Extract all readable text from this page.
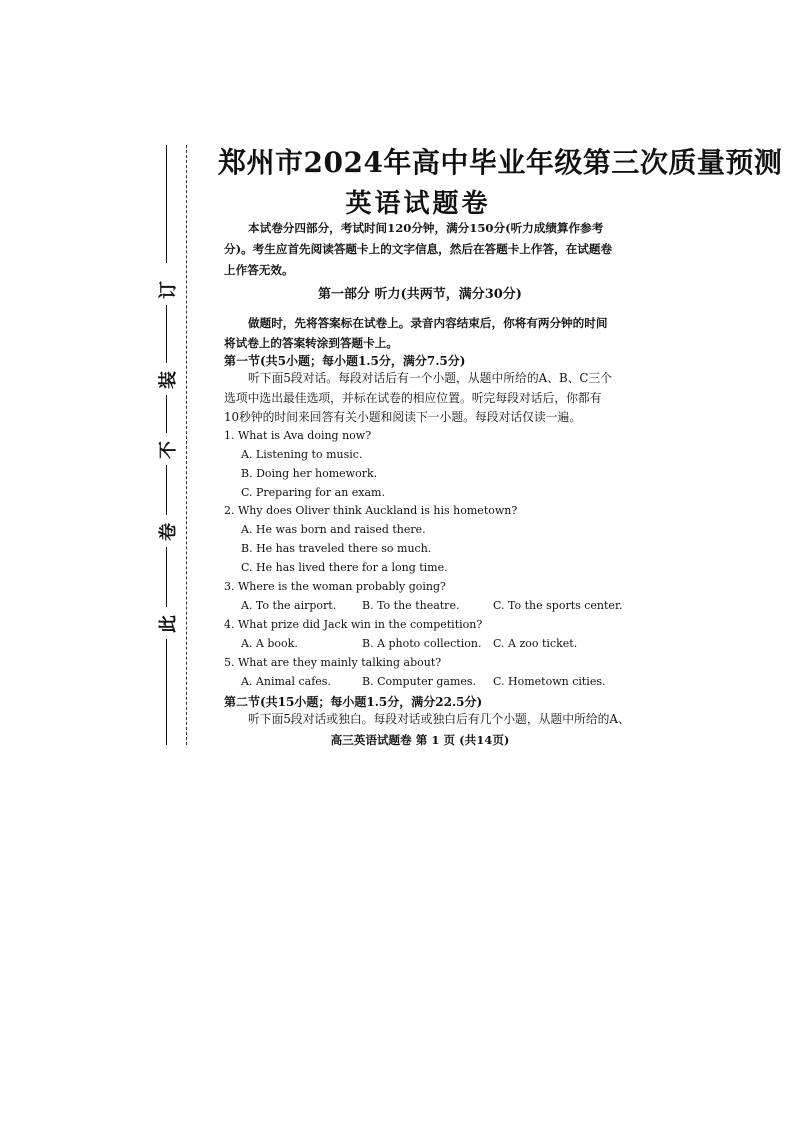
订
装
不
卷
此
郑州市2024年高中毕业年级第三次质量预测
英语试题卷
本试卷分四部分，考试时间120分钟，满分150分(听力成绩算作参考分)。考生应首先阅读答题卡上的文字信息，然后在答题卡上作答，在试题卷上作答无效。
第一部分 听力(共两节，满分30分)
做题时，先将答案标在试卷上。录音内容结束后，你将有两分钟的时间将试卷上的答案转涂到答题卡上。
第一节(共5小题；每小题1.5分，满分7.5分)
听下面5段对话。每段对话后有一个小题，从题中所给的A、B、C三个选项中选出最佳选项，并标在试卷的相应位置。听完每段对话后，你都有10秒钟的时间来回答有关小题和阅读下一小题。每段对话仅读一遍。
1. What is Ava doing now?
A. Listening to music.
B. Doing her homework.
C. Preparing for an exam.
2. Why does Oliver think Auckland is his hometown?
A. He was born and raised there.
B. He has traveled there so much.
C. He has lived there for a long time.
3. Where is the woman probably going?
A. To the airport. B. To the theatre.	C. To the sports center.
4. What prize did Jack win in the competition?
A. A book.	B. A photo collection. C. A zoo ticket.
5. What are they mainly talking about?
A. Animal cafes.	B. Computer games. C. Hometown cities.
第二节(共15小题；每小题1.5分，满分22.5分)
听下面5段对话或独白。每段对话或独白后有几个小题，从题中所给的A、
高三英语试题卷 第 1 页 (共14页)
